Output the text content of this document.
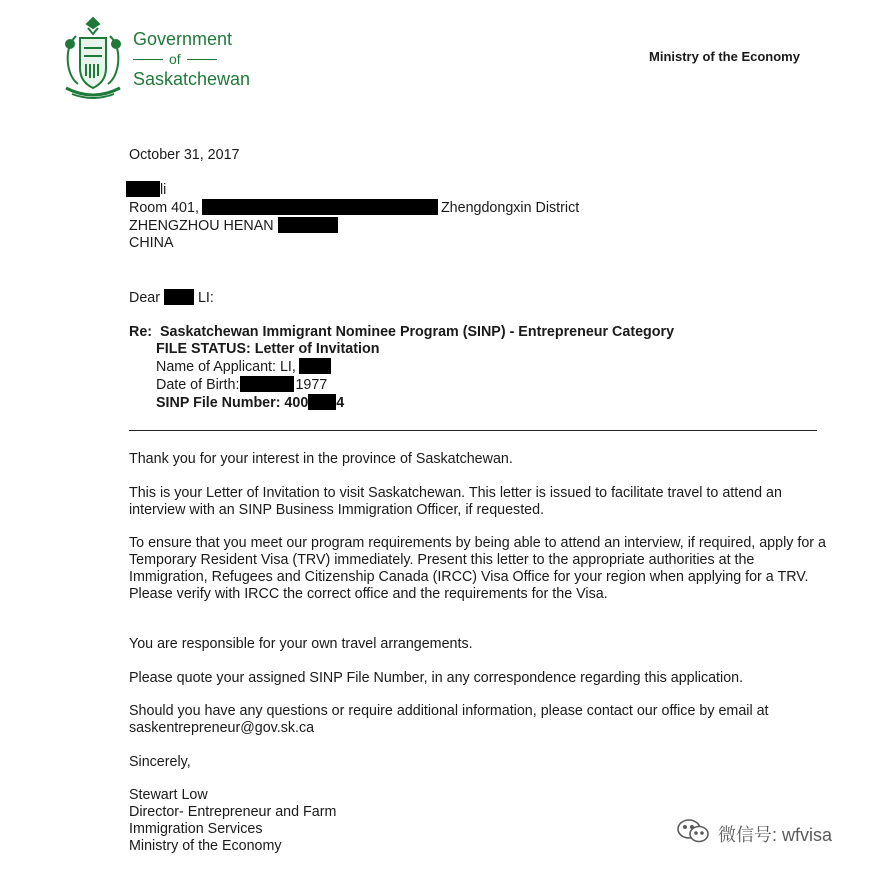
Government
of
Saskatchewan
Ministry of the Economy
October 31, 2017
li
Room 401,	Zhengdongxin District
ZHENGZHOU HENAN
CHINA
Dear	LI:
Re: Saskatchewan Immigrant Nominee Program (SINP) - Entrepreneur Category
FILE STATUS: Letter of Invitation
Name of Applicant: LI,
Date of Birth:	1977
SINP File Number: 400 4
Thank you for your interest in the province of Saskatchewan.
This is your Letter of Invitation to visit Saskatchewan. This letter is issued to facilitate travel to attend an interview with an SINP Business Immigration Officer, if requested.
To ensure that you meet our program requirements by being able to attend an interview, if required, apply for a Temporary Resident Visa (TRV) immediately. Present this letter to the appropriate authorities at the Immigration, Refugees and Citizenship Canada (IRCC) Visa Office for your region when applying for a TRV. Please verify with IRCC the correct office and the requirements for the Visa.
You are responsible for your own travel arrangements.
Please quote your assigned SINP File Number, in any correspondence regarding this application.
Should you have any questions or require additional information, please contact our office by email at saskentrepreneur@gov.sk.ca
Sincerely,
Stewart Low
Director- Entrepreneur and Farm
Immigration Services
Ministry of the Economy
微信号: wfvisa
